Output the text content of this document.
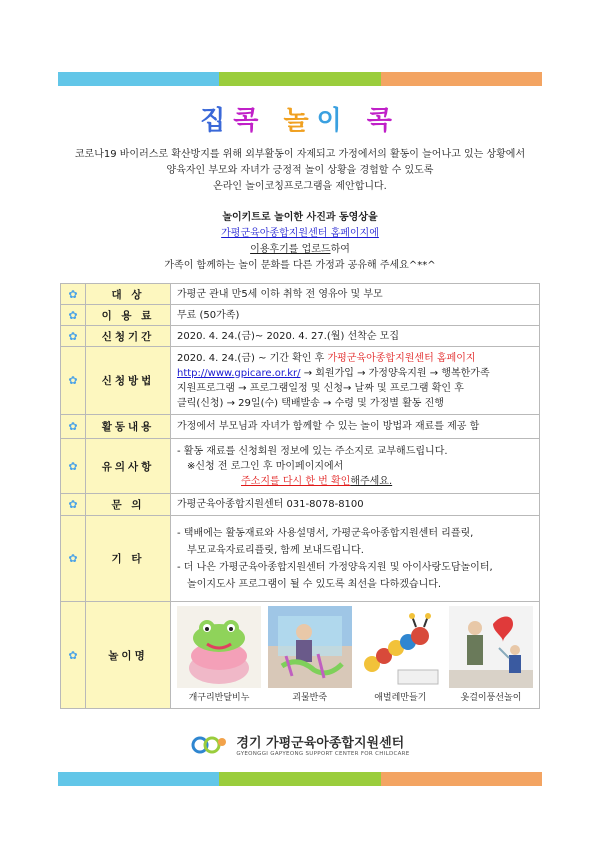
집콕 놀이 콕
코로나19 바이러스로 확산방지를 위해 외부활동이 자제되고 가정에서의 활동이 늘어나고 있는 상황에서
양육자인 부모와 자녀가 긍정적 놀이 상황을 경험할 수 있도록
온라인 놀이코칭프로그램을 제안합니다.
놀이키트로 놀이한 사진과 동영상을
가평군육아종합지원센터 홈페이지에
이용후기를 업로드하여
가족이 함께하는 놀이 문화를 다른 가정과 공유해 주세요^**^
✿	대 상	가평군 관내 만5세 이하 취학 전 영유아 및 부모
✿	이 용 료	무료 (50가족)
✿	신청기간	2020. 4. 24.(금)~ 2020. 4. 27.(월) 선착순 모집
✿	신청방법	2020. 4. 24.(금) ~ 기간 확인 후 가평군육아종합지원센터 홈페이지
http://www.gpicare.or.kr/ → 회원가입 → 가정양육지원 → 행복한가족
지원프로그램 → 프로그램일정 및 신청→ 날짜 및 프로그램 확인 후
클릭(신청) → 29일(수) 택배발송 → 수령 및 가정별 활동 진행

✿	활동내용	가정에서 부모님과 자녀가 함께할 수 있는 놀이 방법과 재료를 제공 함
✿	유의사항	- 활동 재료를 신청회원 정보에 있는 주소지로 교부해드립니다.
※신청 전 로그인 후 마이페이지에서
주소지를 다시 한 번 확인해주세요.

✿	문 의	가평군육아종합지원센터 031-8078-8100
✿	기 타	- 택배에는 활동재료와 사용설명서, 가평군육아종합지원센터 리플릿,
부모교육자료리플릿, 함께 보내드립니다.
- 더 나은 가평군육아종합지원센터 가정양육지원 및 아이사랑도담놀이터,
놀이지도사 프로그램이 될 수 있도록 최선을 다하겠습니다.

✿	놀이명	개구리반달비누 괴물반죽 애벌레만들기 옷걸이풍선놀이
경기 가평군육아종합지원센터
GYEONGGI GAPYEONG SUPPORT CENTER FOR CHILDCARE
